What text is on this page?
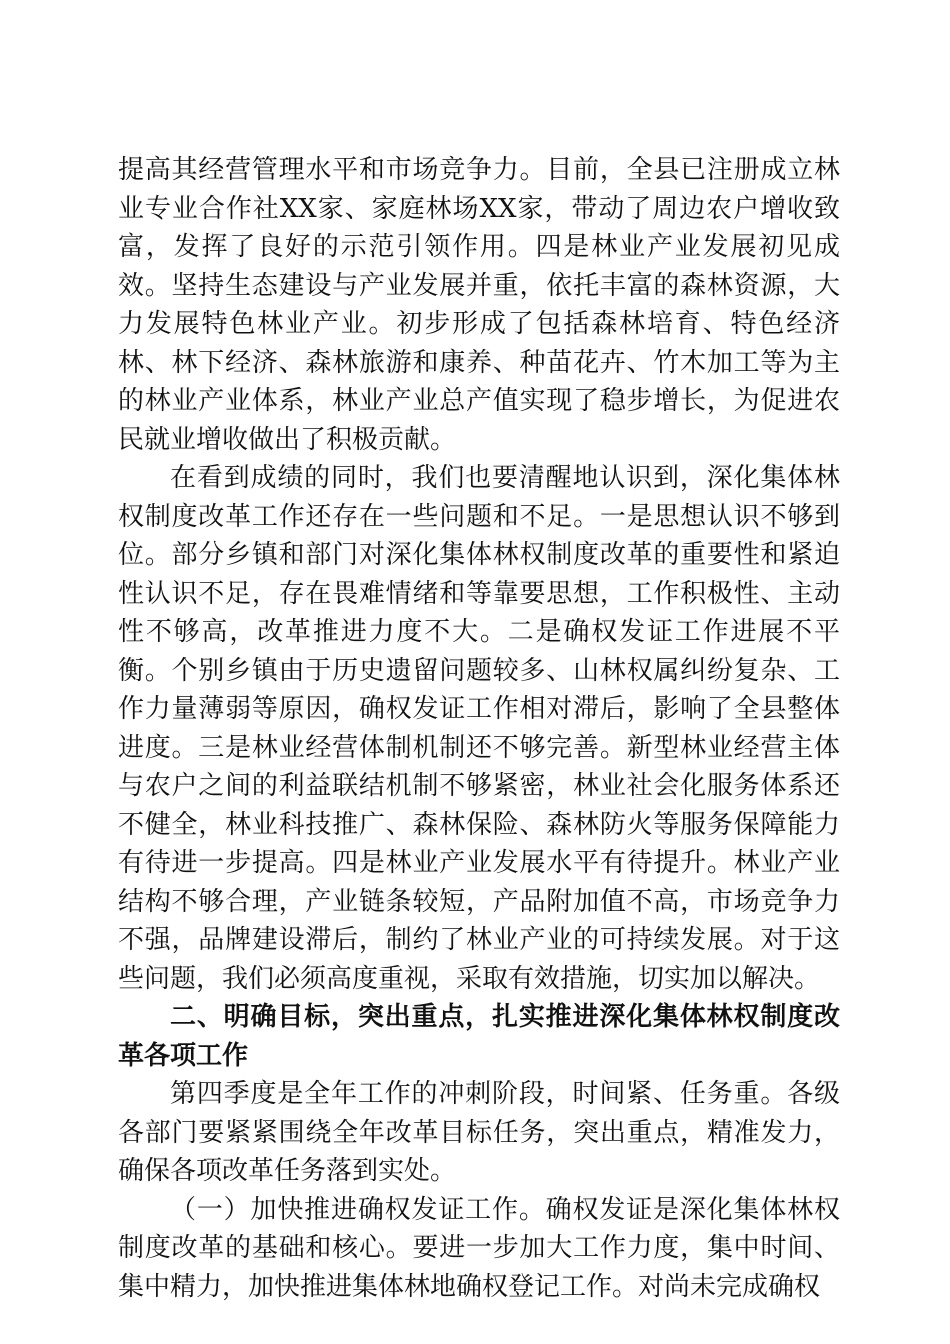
提高其经营管理水平和市场竞争力。目前，全县已注册成立林业专业合作社XX家、家庭林场XX家，带动了周边农户增收致富，发挥了良好的示范引领作用。四是林业产业发展初见成效。坚持生态建设与产业发展并重，依托丰富的森林资源，大力发展特色林业产业。初步形成了包括森林培育、特色经济林、林下经济、森林旅游和康养、种苗花卉、竹木加工等为主的林业产业体系，林业产业总产值实现了稳步增长，为促进农民就业增收做出了积极贡献。

在看到成绩的同时，我们也要清醒地认识到，深化集体林权制度改革工作还存在一些问题和不足。一是思想认识不够到位。部分乡镇和部门对深化集体林权制度改革的重要性和紧迫性认识不足，存在畏难情绪和等靠要思想，工作积极性、主动性不够高，改革推进力度不大。二是确权发证工作进展不平衡。个别乡镇由于历史遗留问题较多、山林权属纠纷复杂、工作力量薄弱等原因，确权发证工作相对滞后，影响了全县整体进度。三是林业经营体制机制还不够完善。新型林业经营主体与农户之间的利益联结机制不够紧密，林业社会化服务体系还不健全，林业科技推广、森林保险、森林防火等服务保障能力有待进一步提高。四是林业产业发展水平有待提升。林业产业结构不够合理，产业链条较短，产品附加值不高，市场竞争力不强，品牌建设滞后，制约了林业产业的可持续发展。对于这些问题，我们必须高度重视，采取有效措施，切实加以解决。

二、明确目标，突出重点，扎实推进深化集体林权制度改革各项工作

第四季度是全年工作的冲刺阶段，时间紧、任务重。各级各部门要紧紧围绕全年改革目标任务，突出重点，精准发力，确保各项改革任务落到实处。

（一）加快推进确权发证工作。确权发证是深化集体林权制度改革的基础和核心。要进一步加大工作力度，集中时间、集中精力，加快推进集体林地确权登记工作。对尚未完成确权
